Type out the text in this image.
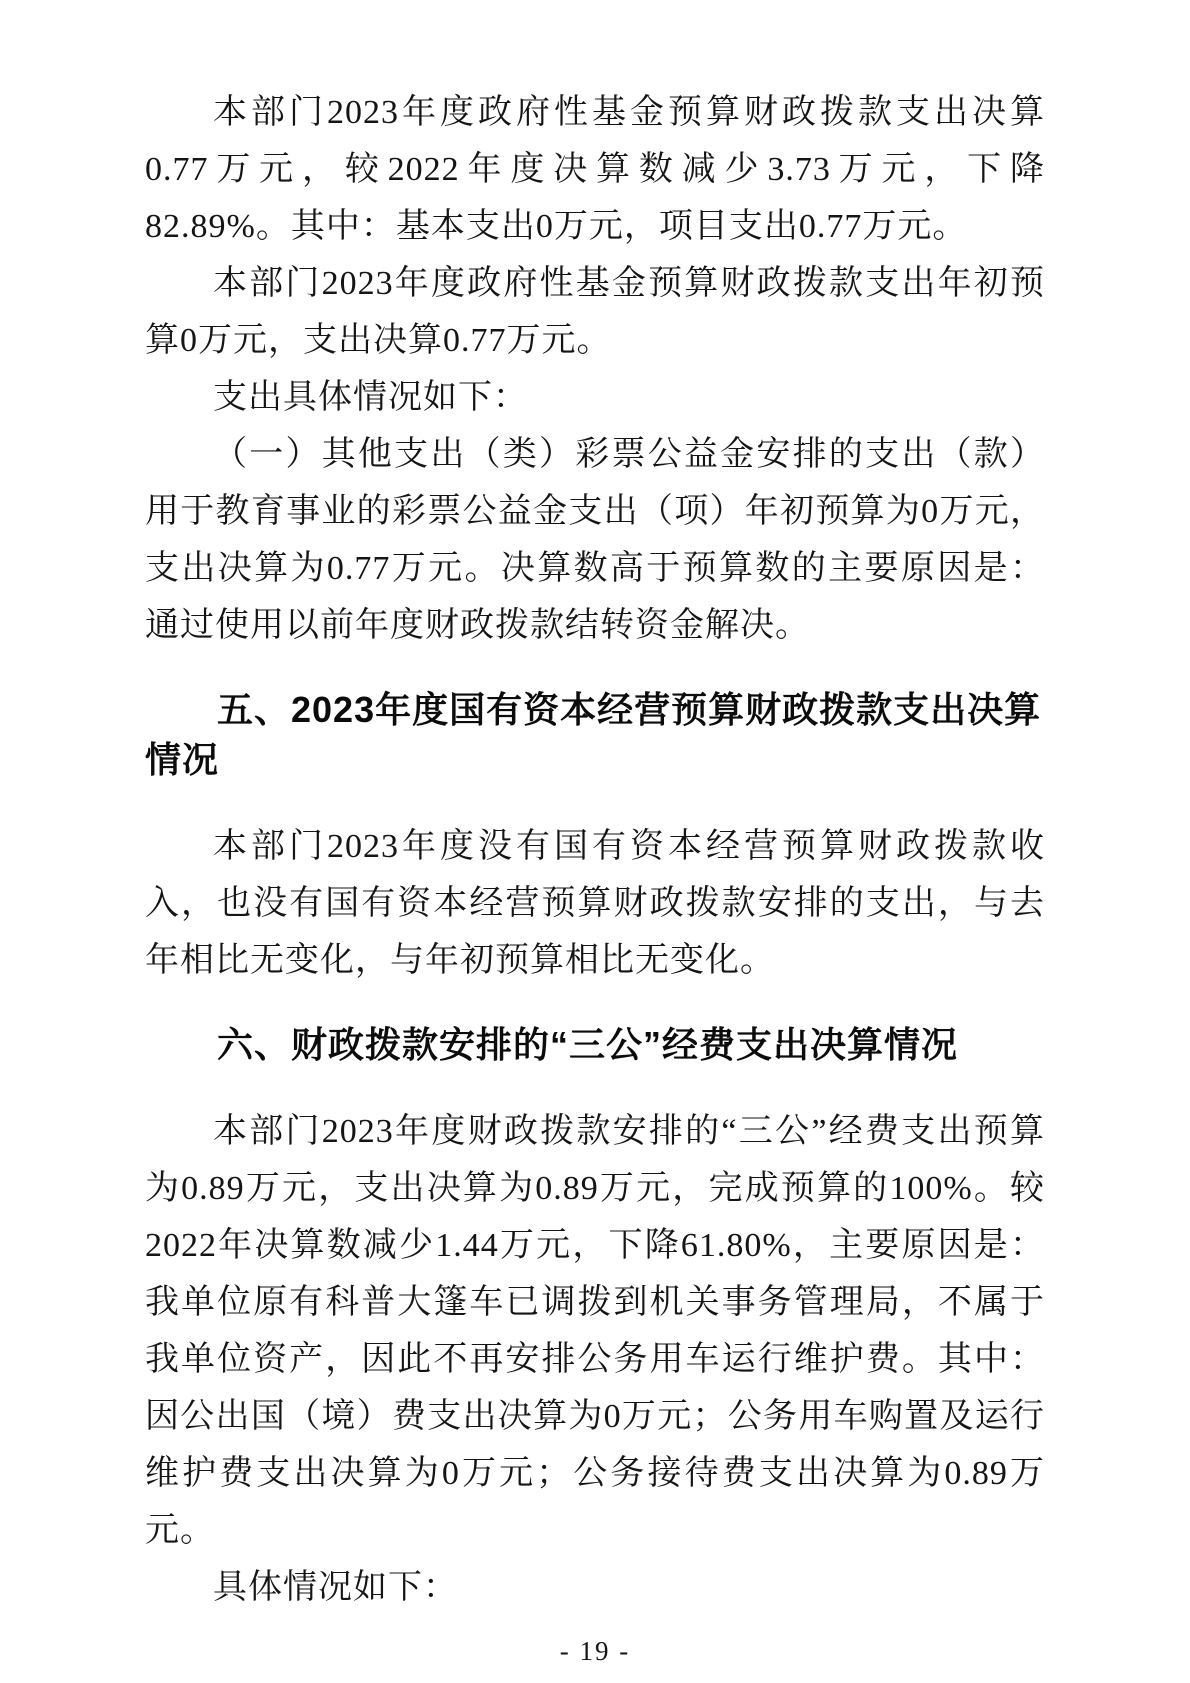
本部门2023年度政府性基金预算财政拨款支出决算0.77万元，较2022年度决算数减少3.73万元，下降82.89%。其中：基本支出0万元，项目支出0.77万元。

本部门2023年度政府性基金预算财政拨款支出年初预算0万元，支出决算0.77万元。

支出具体情况如下：

（一）其他支出（类）彩票公益金安排的支出（款）用于教育事业的彩票公益金支出（项）年初预算为0万元，支出决算为0.77万元。决算数高于预算数的主要原因是：通过使用以前年度财政拨款结转资金解决。

五、2023年度国有资本经营预算财政拨款支出决算情况

本部门2023年度没有国有资本经营预算财政拨款收入，也没有国有资本经营预算财政拨款安排的支出，与去年相比无变化，与年初预算相比无变化。

六、财政拨款安排的“三公”经费支出决算情况

本部门2023年度财政拨款安排的“三公”经费支出预算为0.89万元，支出决算为0.89万元，完成预算的100%。较2022年决算数减少1.44万元，下降61.80%，主要原因是：我单位原有科普大篷车已调拨到机关事务管理局，不属于我单位资产，因此不再安排公务用车运行维护费。其中：因公出国（境）费支出决算为0万元；公务用车购置及运行维护费支出决算为0万元；公务接待费支出决算为0.89万元。

具体情况如下：

- 19 -
